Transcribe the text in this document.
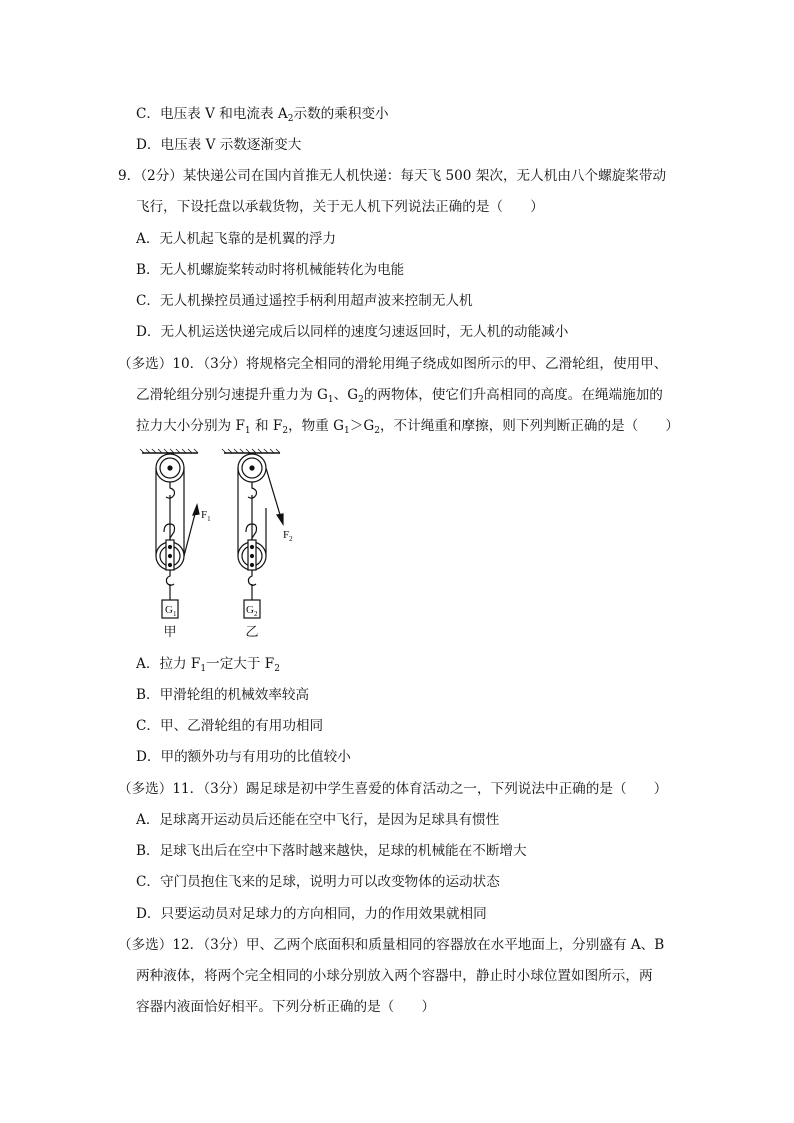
C．电压表 V 和电流表 $A_2$示数的乘积变小
D．电压表 V 示数逐渐变大
9．（2分）某快递公司在国内首推无人机快递：每天飞 500 架次，无人机由八个螺旋桨带动
飞行，下设托盘以承载货物，关于无人机下列说法正确的是（　　）
A．无人机起飞靠的是机翼的浮力
B．无人机螺旋桨转动时将机械能转化为电能
C．无人机操控员通过遥控手柄利用超声波来控制无人机
D．无人机运送快递完成后以同样的速度匀速返回时，无人机的动能减小
（多选）10．（3分）将规格完全相同的滑轮用绳子绕成如图所示的甲、乙滑轮组，使用甲、
乙滑轮组分别匀速提升重力为 $G_1$、$G_2$的两物体，使它们升高相同的高度。在绳端施加的
拉力大小分别为 $F_1$ 和 $F_2$，物重 $G_1>G_2$，不计绳重和摩擦，则下列判断正确的是（　　）
$F_1$
$G_1$
甲
$F_2$
$G_2$
乙
A．拉力 $F_1$一定大于 $F_2$
B．甲滑轮组的机械效率较高
C．甲、乙滑轮组的有用功相同
D．甲的额外功与有用功的比值较小
（多选）11．（3分）踢足球是初中学生喜爱的体育活动之一，下列说法中正确的是（　　）
A．足球离开运动员后还能在空中飞行，是因为足球具有惯性
B．足球飞出后在空中下落时越来越快，足球的机械能在不断增大
C．守门员抱住飞来的足球，说明力可以改变物体的运动状态
D．只要运动员对足球力的方向相同，力的作用效果就相同
（多选）12．（3分）甲、乙两个底面积和质量相同的容器放在水平地面上，分别盛有 A、B
两种液体，将两个完全相同的小球分别放入两个容器中，静止时小球位置如图所示，两
容器内液面恰好相平。下列分析正确的是（　　）
